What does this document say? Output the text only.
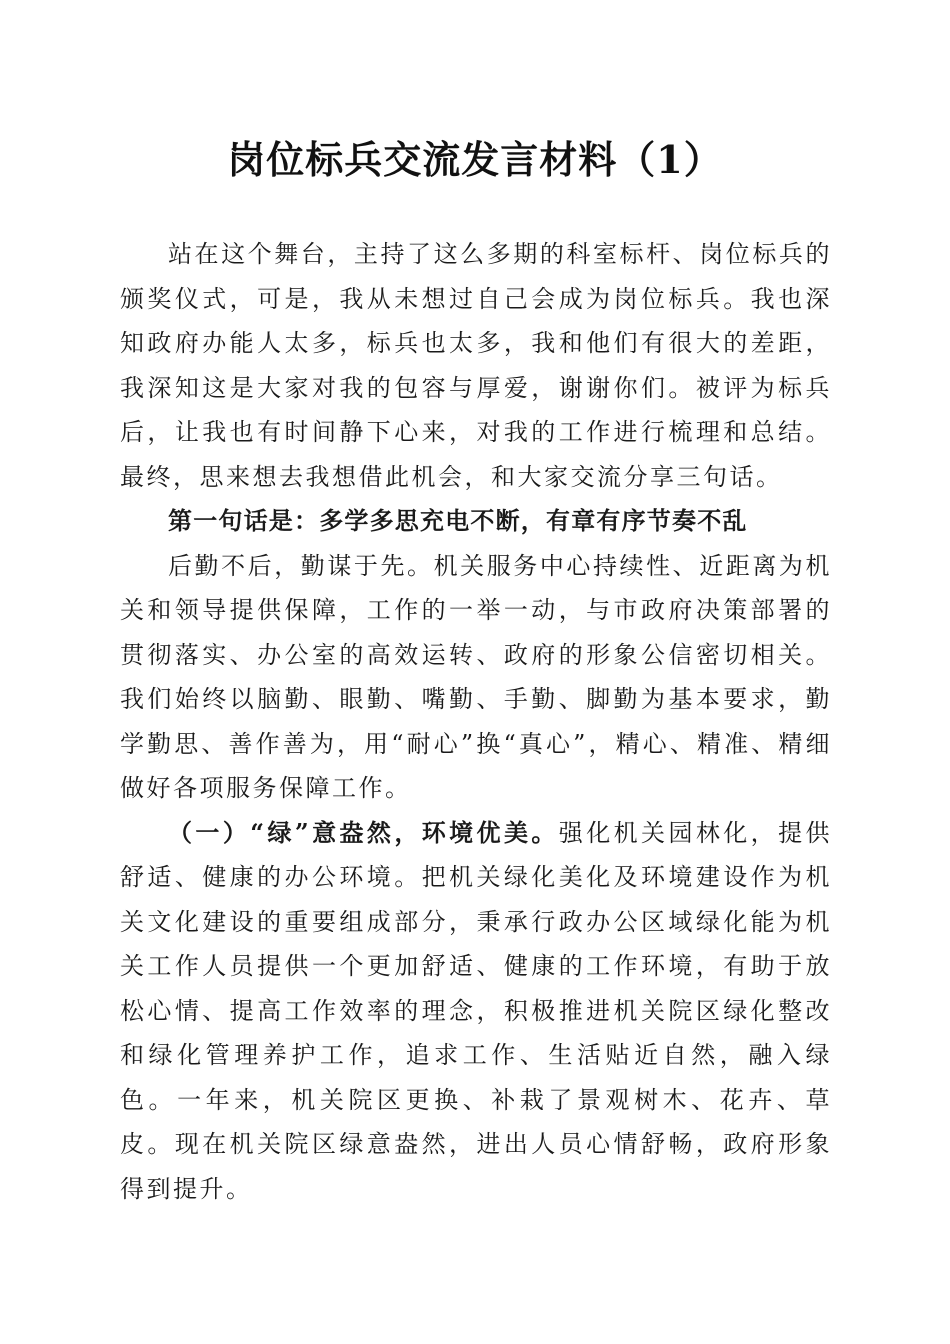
岗位标兵交流发言材料（1）

站在这个舞台，主持了这么多期的科室标杆、岗位标兵的颁奖仪式，可是，我从未想过自己会成为岗位标兵。我也深知政府办能人太多，标兵也太多，我和他们有很大的差距，我深知这是大家对我的包容与厚爱，谢谢你们。被评为标兵后，让我也有时间静下心来，对我的工作进行梳理和总结。最终，思来想去我想借此机会，和大家交流分享三句话。

第一句话是：多学多思充电不断，有章有序节奏不乱

后勤不后，勤谋于先。机关服务中心持续性、近距离为机关和领导提供保障，工作的一举一动，与市政府决策部署的贯彻落实、办公室的高效运转、政府的形象公信密切相关。我们始终以脑勤、眼勤、嘴勤、手勤、脚勤为基本要求，勤学勤思、善作善为，用“耐心”换“真心”，精心、精准、精细做好各项服务保障工作。

（一）“绿”意盎然，环境优美。强化机关园林化，提供舒适、健康的办公环境。把机关绿化美化及环境建设作为机关文化建设的重要组成部分，秉承行政办公区域绿化能为机关工作人员提供一个更加舒适、健康的工作环境，有助于放松心情、提高工作效率的理念，积极推进机关院区绿化整改和绿化管理养护工作，追求工作、生活贴近自然，融入绿色。一年来，机关院区更换、补栽了景观树木、花卉、草皮。现在机关院区绿意盎然，进出人员心情舒畅，政府形象得到提升。
